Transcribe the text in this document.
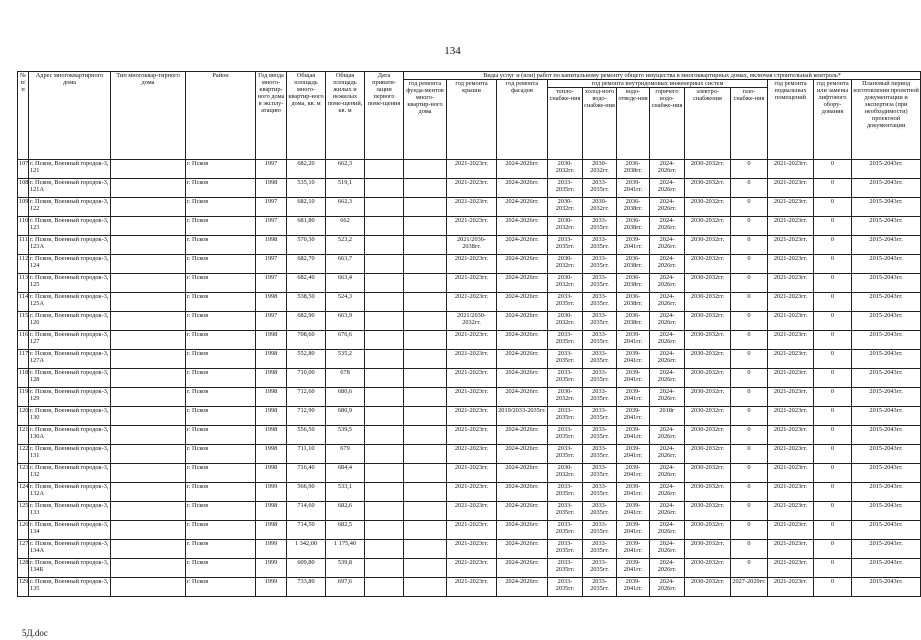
134
№ п/п	Адрес многоквартирного дома	Тип многоквар-тирного дома	Район	Год ввода много-квартир-ного дома в эксплу-атацию	Общая площадь много-квартир-ного дома, кв. м	Общая площадь жилых и нежилых поме-щений, кв. м	Дата привати-зации первого поме-щения	Виды услуг и (или) работ по капитальному ремонту общего имущества в многоквартирных домах, включая строительный контроль*											
								год ремонта фунда-ментов много-квартир-ного дома	год ремонта крыши	год ремонта фасадов	год ремонта внутридомовых инженерных систем						год ремонта подвальных помещений	год ремонта или замены лифтового обору-дования	Плановый период изготовления проектной документации и экспертиза (при необходимости) проектной документации
											тепло-снабже-ния	холод-ного водо-снабже-ния	водо-отведе-ния	горячего водо-снабже-ния	электро-снабжения	газо-снабже-ния			
107	г. Псков, Военный городок-3, 121		г. Псков	1997	682,20	662,3			2021-2023гг.	2024-2026гг.	2030-2032гг.	2030-2032гг.	2036-2038гг.	2024-2026гг.	2030-2032гг.	0	2021-2023гг.	0	2015-2043гг.
108	г. Псков, Военный городок-3, 121А		г. Псков	1998	535,10	519,1			2021-2023гг.	2024-2026гг.	2033-2035гг.	2033-2035гг.	2039-2041гг.	2024-2026гг.	2030-2032гг.	0	2021-2023гг.	0	2015-2043гг.
109	г. Псков, Военный городок-3, 122		г. Псков	1997	682,10	662,3			2021-2023гг.	2024-2026гг.	2030-2032гг.	2030-2032гг.	2036-2038гг.	2024-2026гг.	2030-2032гг.	0	2021-2023гг.	0	2015-2043гг.
110	г. Псков, Военный городок-3, 123		г. Псков	1997	681,80	662			2021-2023гг.	2024-2026гг.	2030-2032гг.	2033-2035гг.	2036-2038гг.	2024-2026гг.	2030-2032гг.	0	2021-2023гг.	0	2015-2043гг.
111	г. Псков, Военный городок-3, 123А		г. Псков	1998	570,30	523,2			2021/2036-2038гг.	2024-2026гг.	2033-2035гг.	2033-2035гг.	2039-2041гг.	2024-2026гг.	2030-2032гг.	0	2021-2023гг.	0	2015-2043гг.
112	г. Псков, Военный городок-3, 124		г. Псков	1997	682,70	663,7			2021-2023гг.	2024-2026гг.	2030-2032гг.	2033-2035гг.	2036-2038гг.	2024-2026гг.	2030-2032гг.	0	2021-2023гг.	0	2015-2043гг.
113	г. Псков, Военный городок-3, 125		г. Псков	1997	682,40	663,4			2021-2023гг.	2024-2026гг.	2030-2032гг.	2033-2035гг.	2036-2038гг.	2024-2026гг.	2030-2032гг.	0	2021-2023гг.	0	2015-2043гг.
114	г. Псков, Военный городок-3, 125А		г. Псков	1998	538,50	524,3			2021-2023гг.	2024-2026гг.	2033-2035гг.	2033-2035гг.	2036-2038гг.	2024-2026гг.	2030-2032гг.	0	2021-2023гг.	0	2015-2043гг.
115	г. Псков, Военный городок-3, 126		г. Псков	1997	682,90	663,9			2021/2030-2032гг.	2024-2026гг.	2030-2032гг.	2033-2035гг.	2036-2038гг.	2024-2026гг.	2030-2032гг.	0	2021-2023гг.	0	2015-2043гг.
116	г. Псков, Военный городок-3, 127		г. Псков	1998	708,60	676,6			2021-2023гг.	2024-2026гг.	2033-2035гг.	2033-2035гг.	2039-2041гг.	2024-2026гг.	2030-2032гг.	0	2021-2023гг.	0	2015-2043гг.
117	г. Псков, Военный городок-3, 127А		г. Псков	1998	552,80	535,2			2021-2023гг.	2024-2026гг.	2033-2035гг.	2033-2035гг.	2039-2041гг.	2024-2026гг.	2030-2032гг.	0	2021-2023гг.	0	2015-2043гг.
118	г. Псков, Военный городок-3, 128		г. Псков	1998	710,00	678			2021-2023гг.	2024-2026гг.	2033-2035гг.	2033-2035гг.	2039-2041гг.	2024-2026гг.	2030-2032гг.	0	2021-2023гг.	0	2015-2043гг.
119	г. Псков, Военный городок-3, 129		г. Псков	1998	712,60	680,6			2021-2023гг.	2024-2026гг.	2030-2032гг.	2033-2035гг.	2039-2041гг.	2024-2026гг.	2030-2032гг.	0	2021-2023гг.	0	2015-2043гг.
120	г. Псков, Военный городок-3, 130		г. Псков	1998	712,90	680,9			2021-2023гг.	2019/2033-2035гг.	2033-2035гг.	2033-2035гг.	2039-2041гг.	2018г	2030-2032гг.	0	2021-2023гг.	0	2015-2043гг.
121	г. Псков, Военный городок-3, 130А		г. Псков	1998	556,50	539,5			2021-2023гг.	2024-2026гг.	2033-2035гг.	2033-2035гг.	2039-2041гг.	2024-2026гг.	2030-2032гг.	0	2021-2023гг.	0	2015-2043гг.
122	г. Псков, Военный городок-3, 131		г. Псков	1998	711,10	679			2021-2023гг.	2024-2026гг.	2033-2035гг.	2033-2035гг.	2039-2041гг.	2024-2026гг.	2030-2032гг.	0	2021-2023гг.	0	2015-2043гг.
123	г. Псков, Военный городок-3, 132		г. Псков	1998	716,40	684,4			2021-2023гг.	2024-2026гг.	2030-2032гг.	2033-2035гг.	2039-2041гг.	2024-2026гг.	2030-2032гг.	0	2021-2023гг.	0	2015-2043гг.
124	г. Псков, Военный городок-3, 132А		г. Псков	1999	566,90	533,1			2021-2023гг.	2024-2026гг.	2033-2035гг.	2033-2035гг.	2039-2041гг.	2024-2026гг.	2030-2032гг.	0	2021-2023гг.	0	2015-2043гг.
125	г. Псков, Военный городок-3, 133		г. Псков	1998	714,60	682,6			2021-2023гг.	2024-2026гг.	2033-2035гг.	2033-2035гг.	2039-2041гг.	2024-2026гг.	2030-2032гг.	0	2021-2023гг.	0	2015-2043гг.
126	г. Псков, Военный городок-3, 134		г. Псков	1998	714,50	682,5			2021-2023гг.	2024-2026гг.	2033-2035гг.	2033-2035гг.	2039-2041гг.	2024-2026гг.	2030-2032гг.	0	2021-2023гг.	0	2015-2043гг.
127	г. Псков, Военный городок-3, 134А		г. Псков	1999	1 342,00	1 175,40			2021-2023гг.	2024-2026гг.	2033-2035гг.	2033-2035гг.	2039-2041гг.	2024-2026гг.	2030-2032гг.	0	2021-2023гг.	0	2015-2043гг.
128	г. Псков, Военный городок-3, 134Б		г. Псков	1999	609,80	539,8			2021-2023гг.	2024-2026гг.	2033-2035гг.	2033-2035гг.	2039-2041гг.	2024-2026гг.	2030-2032гг.	0	2021-2023гг.	0	2015-2043гг.
129	г. Псков, Военный городок-3, 135		г. Псков	1999	733,80	697,6			2021-2023гг.	2024-2026гг.	2033-2035гг.	2033-2035гг.	2039-2041гг.	2024-2026гг.	2030-2032гг.	2027-2029гг.	2021-2023гг.	0	2015-2043гг.
5Д.doc
